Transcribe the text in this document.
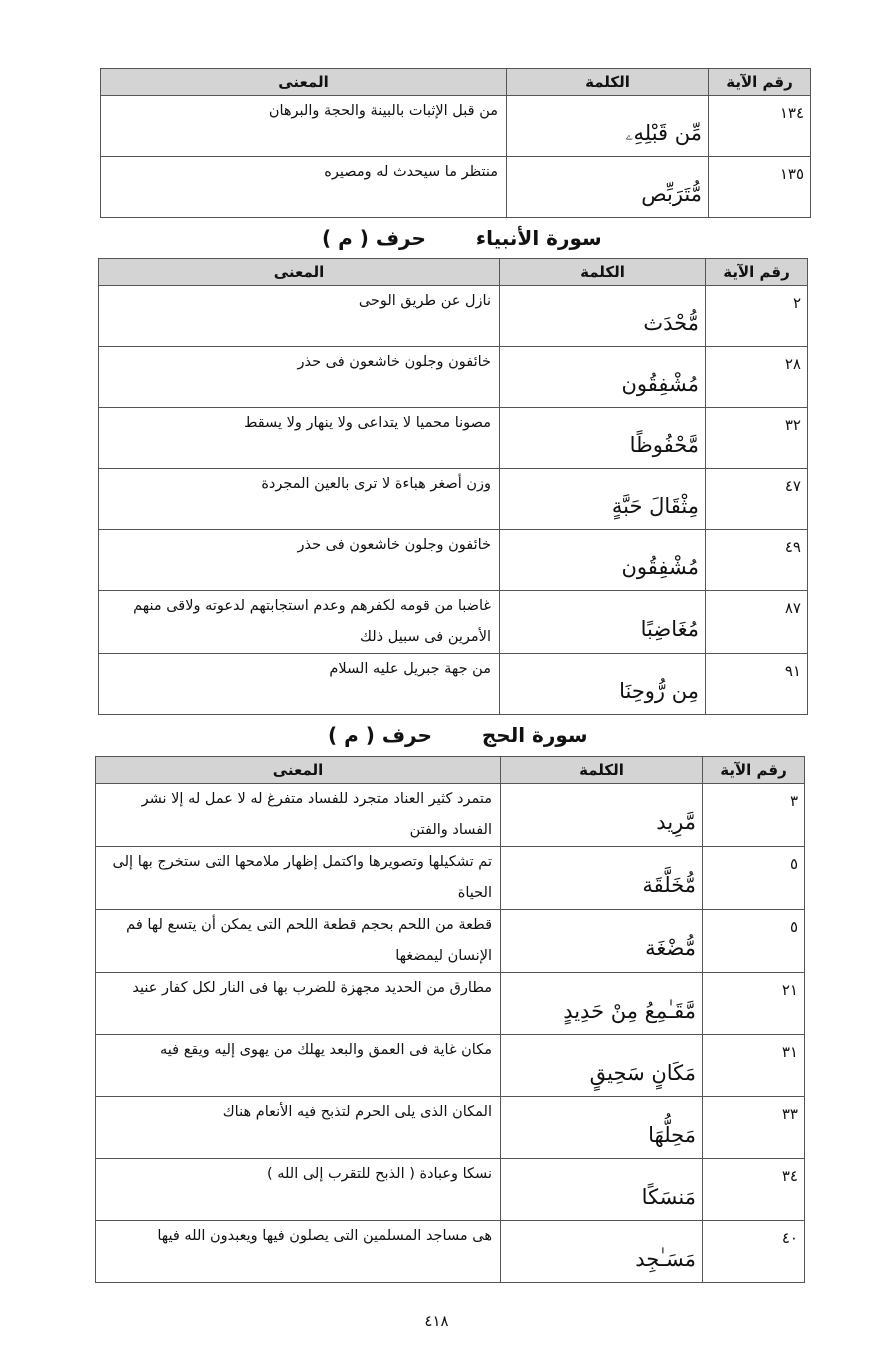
رقم الآية	الكلمة	المعنى
١٣٤	مِّن قَبْلِهِۦ	من قبل الإثبات بالبينة والحجة والبرهان
١٣٥	مُّتَرَبِّص	منتظر ما سيحدث له ومصيره
سورة الأنبياء  حرف ( م )
رقم الآية	الكلمة	المعنى
٢	مُّحْدَث	نازل عن طريق الوحى
٢٨	مُشْفِقُون	خائفون وجلون خاشعون فى حذر
٣٢	مَّحْفُوظًا	مصونا محميا لا يتداعى ولا ينهار ولا يسقط
٤٧	مِثْقَالَ حَبَّةٍ	وزن أصغر هباءة لا ترى بالعين المجردة
٤٩	مُشْفِقُون	خائفون وجلون خاشعون فى حذر
٨٧	مُغَاضِبًا	غاضبا من قومه لكفرهم وعدم استجابتهم لدعوته ولاقى منهم الأمرين فى سبيل ذلك
٩١	مِن رُّوحِنَا	من جهة جبريل عليه السلام
سورة الحج  حرف ( م )
رقم الآية	الكلمة	المعنى
٣	مَّرِيد	متمرد كثير العناد متجرد للفساد متفرغ له لا عمل له إلا نشر الفساد والفتن
٥	مُّخَلَّقَة	تم تشكيلها وتصويرها واكتمل إظهار ملامحها التى ستخرج بها إلى الحياة
٥	مُّضْغَة	قطعة من اللحم بحجم قطعة اللحم التى يمكن أن يتسع لها فم الإنسان ليمضغها
٢١	مَّقَـٰمِعُ مِنْ حَدِيدٍ	مطارق من الحديد مجهزة للضرب بها فى النار لكل كفار عنيد
٣١	مَكَانٍ سَحِيقٍ	مكان غاية فى العمق والبعد يهلك من يهوى إليه ويقع فيه
٣٣	مَحِلُّهَا	المكان الذى يلى الحرم لتذبح فيه الأنعام هناك
٣٤	مَنسَكًا	نسكا وعبادة ( الذبح للتقرب إلى الله )
٤٠	مَسَـٰجِد	هى مساجد المسلمين التى يصلون فيها ويعبدون الله فيها
٤١٨
